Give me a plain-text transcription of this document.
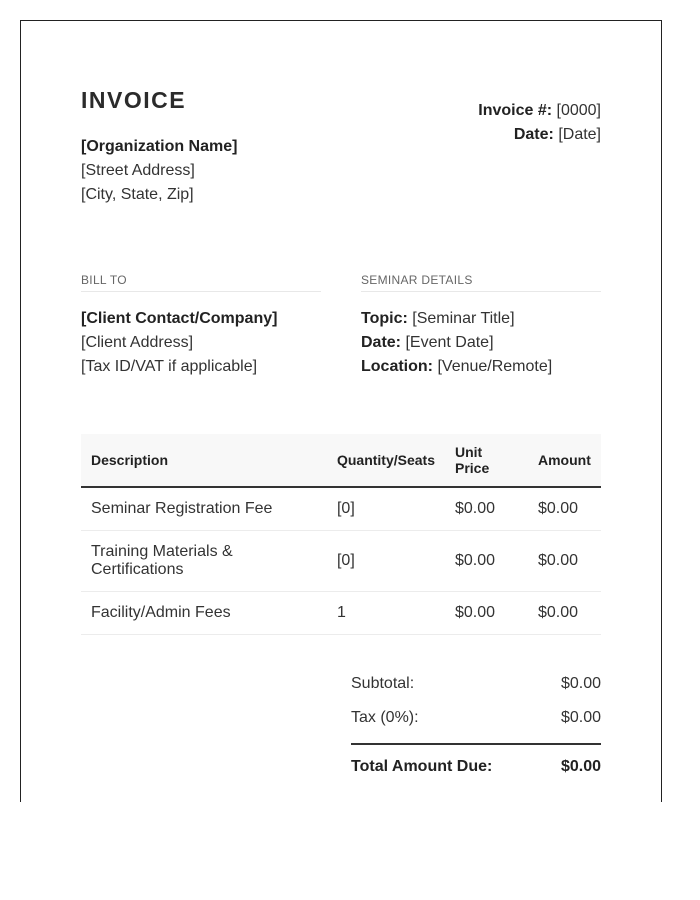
INVOICE
[Organization Name]
[Street Address]
[City, State, Zip]
Invoice #: [0000]
Date: [Date]
BILL TO	SEMINAR DETAILS
[Client Contact/Company]
[Client Address]
[Tax ID/VAT if applicable]
Topic: [Seminar Title]
Date: [Event Date]
Location: [Venue/Remote]
Description	Quantity/Seats	Unit Price	Amount
Seminar Registration Fee	[0]	$0.00	$0.00
Training Materials & Certifications	[0]	$0.00	$0.00
Facility/Admin Fees	1	$0.00	$0.00
Subtotal:	$0.00
Tax (0%):	$0.00
Total Amount Due:	$0.00
